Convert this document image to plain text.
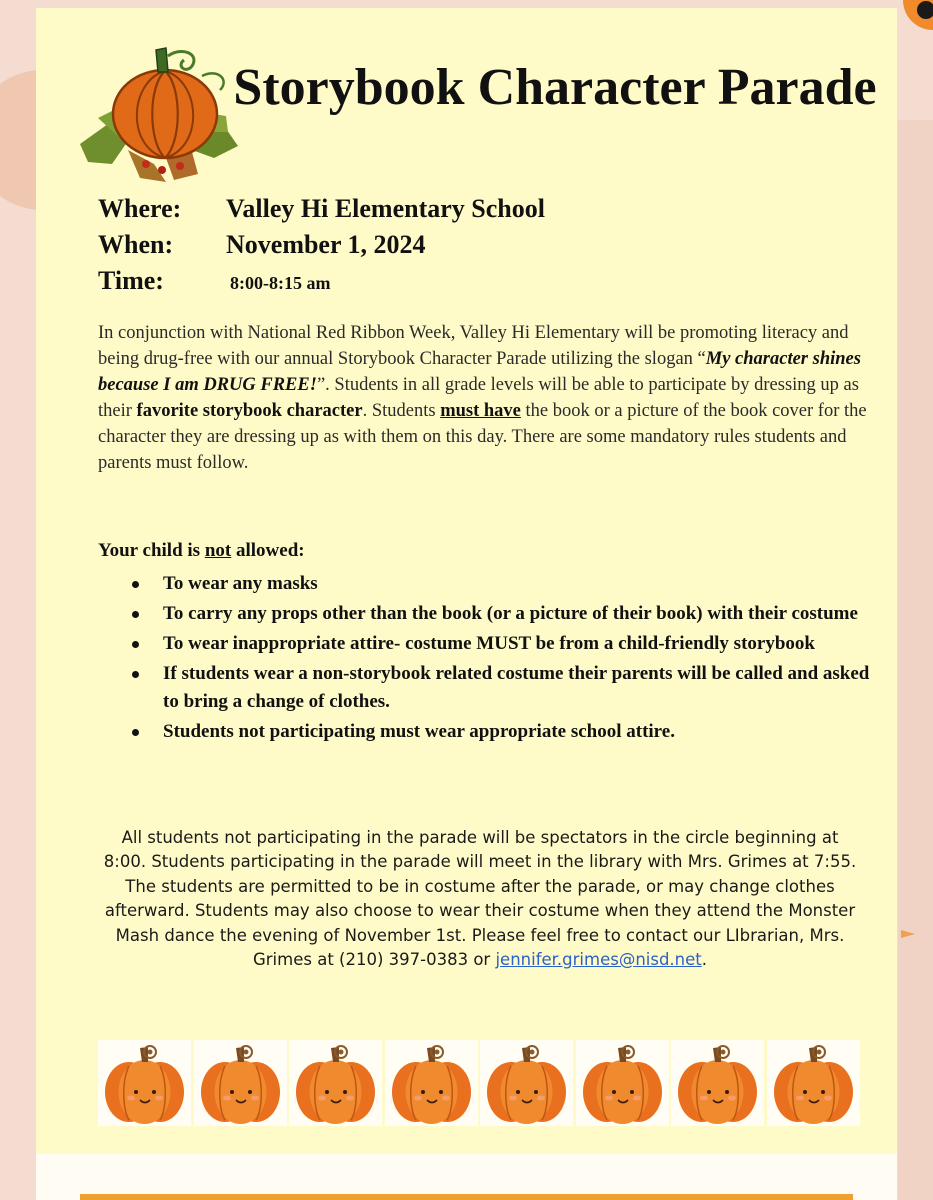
Storybook Character Parade
Where: Valley Hi Elementary School
When: November 1, 2024
Time:	8:00-8:15 am
In conjunction with National Red Ribbon Week, Valley Hi Elementary will be promoting literacy and being drug-free with our annual Storybook Character Parade utilizing the slogan “My character shines because I am DRUG FREE!”. Students in all grade levels will be able to participate by dressing up as their favorite storybook character. Students must have the book or a picture of the book cover for the character they are dressing up as with them on this day. There are some mandatory rules students and parents must follow.
Your child is not allowed:
To wear any masks
To carry any props other than the book (or a picture of their book) with their costume
To wear inappropriate attire- costume MUST be from a child-friendly storybook
If students wear a non-storybook related costume their parents will be called and asked to bring a change of clothes.
Students not participating must wear appropriate school attire.
All students not participating in the parade will be spectators in the circle beginning at 8:00. Students participating in the parade will meet in the library with Mrs. Grimes at 7:55. The students are permitted to be in costume after the parade, or may change clothes afterward. Students may also choose to wear their costume when they attend the Monster Mash dance the evening of November 1st. Please feel free to contact our LIbrarian, Mrs. Grimes at (210) 397-0383 or jennifer.grimes@nisd.net.
